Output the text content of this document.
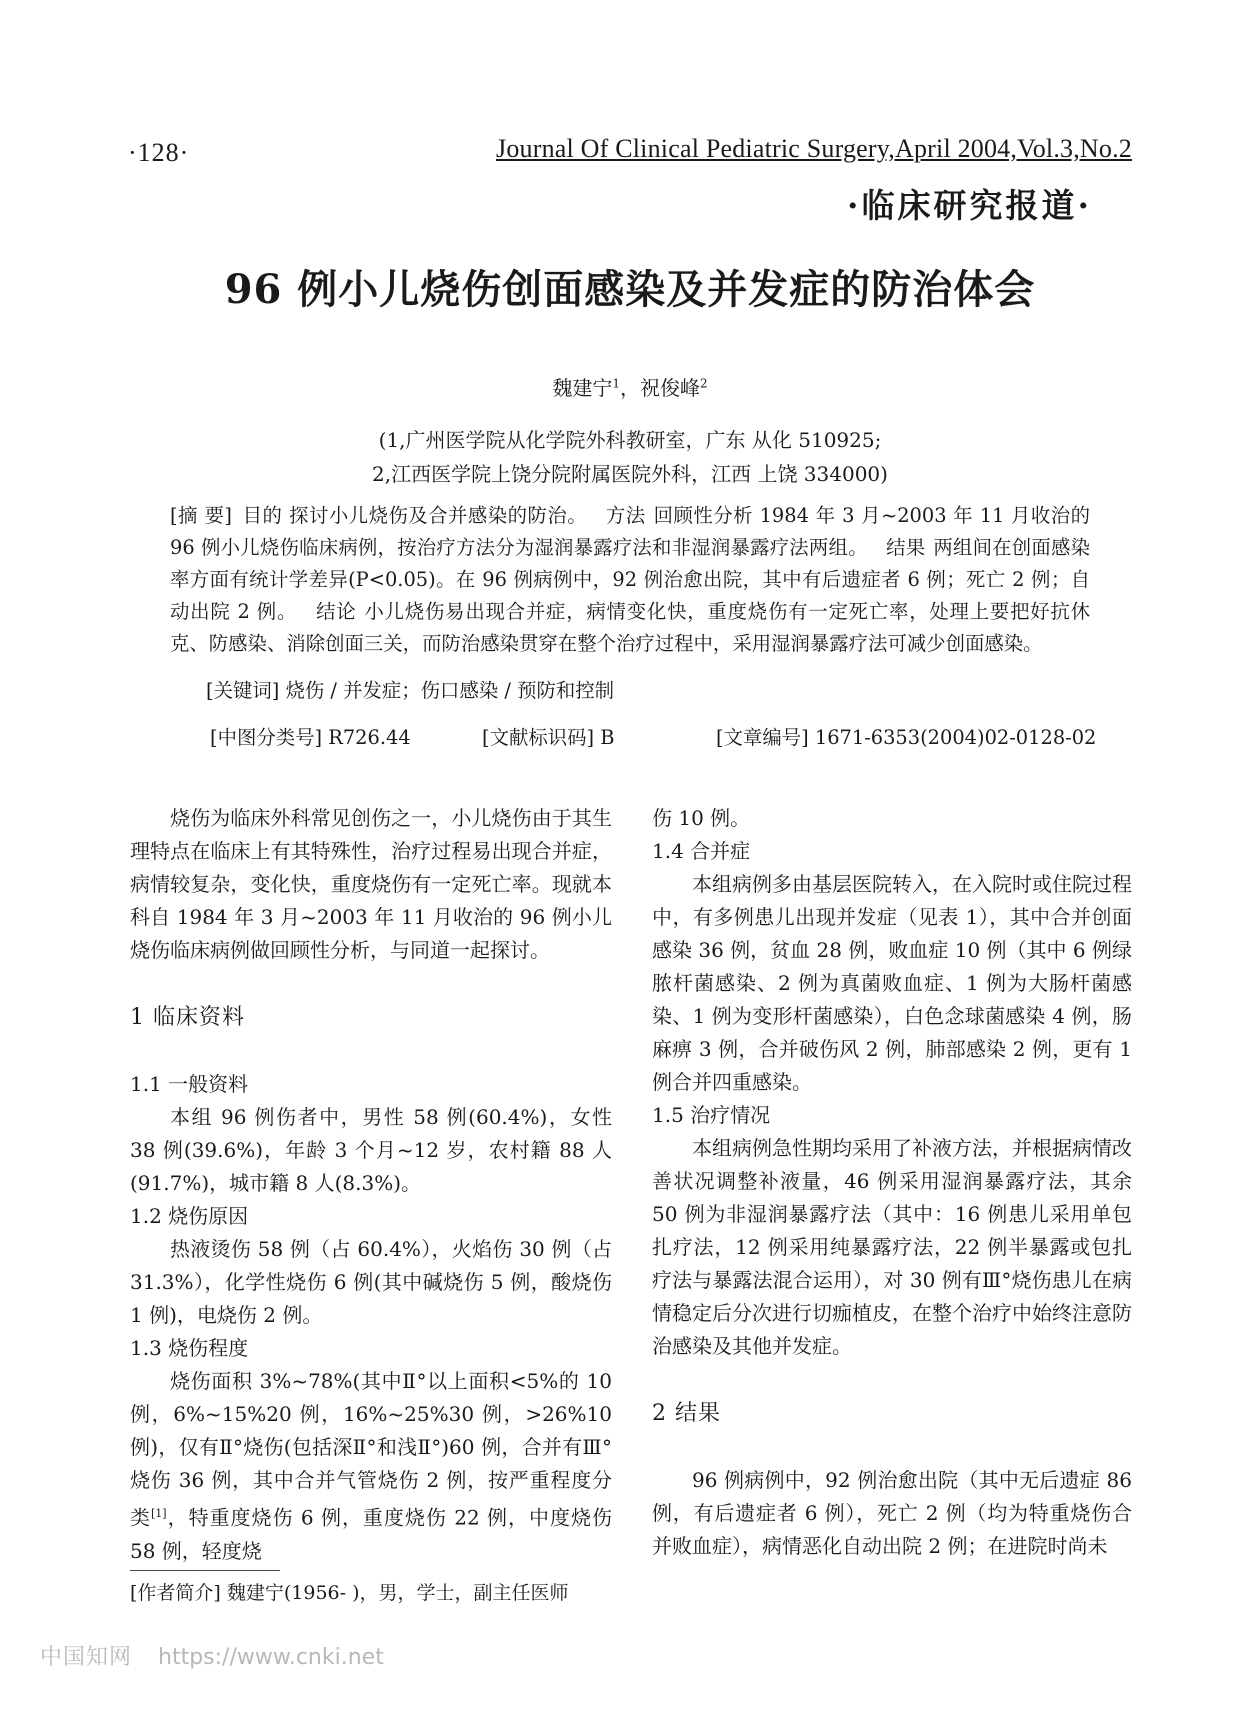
·128·	Journal Of Clinical Pediatric Surgery,April 2004,Vol.3,No.2
·临床研究报道·
96 例小儿烧伤创面感染及并发症的防治体会
魏建宁$^1$，祝俊峰$^2$
(1,广州医学院从化学院外科教研室，广东 从化 510925;
2,江西医学院上饶分院附属医院外科，江西 上饶 334000)
[摘 要] 目的 探讨小儿烧伤及合并感染的防治。 方法 回顾性分析 1984 年 3 月~2003 年 11 月收治的 96 例小儿烧伤临床病例，按治疗方法分为湿润暴露疗法和非湿润暴露疗法两组。 结果 两组间在创面感染率方面有统计学差异(P<0.05)。在 96 例病例中，92 例治愈出院，其中有后遗症者 6 例；死亡 2 例；自动出院 2 例。 结论 小儿烧伤易出现合并症，病情变化快，重度烧伤有一定死亡率，处理上要把好抗休克、防感染、消除创面三关，而防治感染贯穿在整个治疗过程中，采用湿润暴露疗法可减少创面感染。
[关键词] 烧伤 / 并发症；伤口感染 / 预防和控制
[中图分类号] R726.44	[文献标识码] B	[文章编号] 1671-6353(2004)02-0128-02

烧伤为临床外科常见创伤之一，小儿烧伤由于其生理特点在临床上有其特殊性，治疗过程易出现合并症，病情较复杂，变化快，重度烧伤有一定死亡率。现就本科自 1984 年 3 月~2003 年 11 月收治的 96 例小儿烧伤临床病例做回顾性分析，与同道一起探讨。

1 临床资料
1.1 一般资料

本组 96 例伤者中，男性 58 例(60.4%)，女性 38 例(39.6%)，年龄 3 个月~12 岁，农村籍 88 人(91.7%)，城市籍 8 人(8.3%)。

1.2 烧伤原因

热液烫伤 58 例（占 60.4%），火焰伤 30 例（占 31.3%），化学性烧伤 6 例(其中碱烧伤 5 例，酸烧伤 1 例)，电烧伤 2 例。

1.3 烧伤程度

烧伤面积 3%~78%(其中Ⅱ°以上面积<5%的 10 例，6%~15%20 例，16%~25%30 例，>26%10 例)，仅有Ⅱ°烧伤(包括深Ⅱ°和浅Ⅱ°)60 例，合并有Ⅲ°烧伤 36 例，其中合并气管烧伤 2 例，按严重程度分类[1]，特重度烧伤 6 例，重度烧伤 22 例，中度烧伤 58 例，轻度烧

伤 10 例。

1.4 合并症

本组病例多由基层医院转入，在入院时或住院过程中，有多例患儿出现并发症（见表 1），其中合并创面感染 36 例，贫血 28 例，败血症 10 例（其中 6 例绿脓杆菌感染、2 例为真菌败血症、1 例为大肠杆菌感染、1 例为变形杆菌感染），白色念球菌感染 4 例，肠麻痹 3 例，合并破伤风 2 例，肺部感染 2 例，更有 1 例合并四重感染。

1.5 治疗情况

本组病例急性期均采用了补液方法，并根据病情改善状况调整补液量，46 例采用湿润暴露疗法，其余 50 例为非湿润暴露疗法（其中：16 例患儿采用单包扎疗法，12 例采用纯暴露疗法，22 例半暴露或包扎疗法与暴露法混合运用），对 30 例有Ⅲ°烧伤患儿在病情稳定后分次进行切痂植皮，在整个治疗中始终注意防治感染及其他并发症。

2 结果

96 例病例中，92 例治愈出院（其中无后遗症 86 例，有后遗症者 6 例），死亡 2 例（均为特重烧伤合并败血症），病情恶化自动出院 2 例；在进院时尚未

[作者简介] 魏建宁(1956- )，男，学士，副主任医师
中国知网 https://www.cnki.net
